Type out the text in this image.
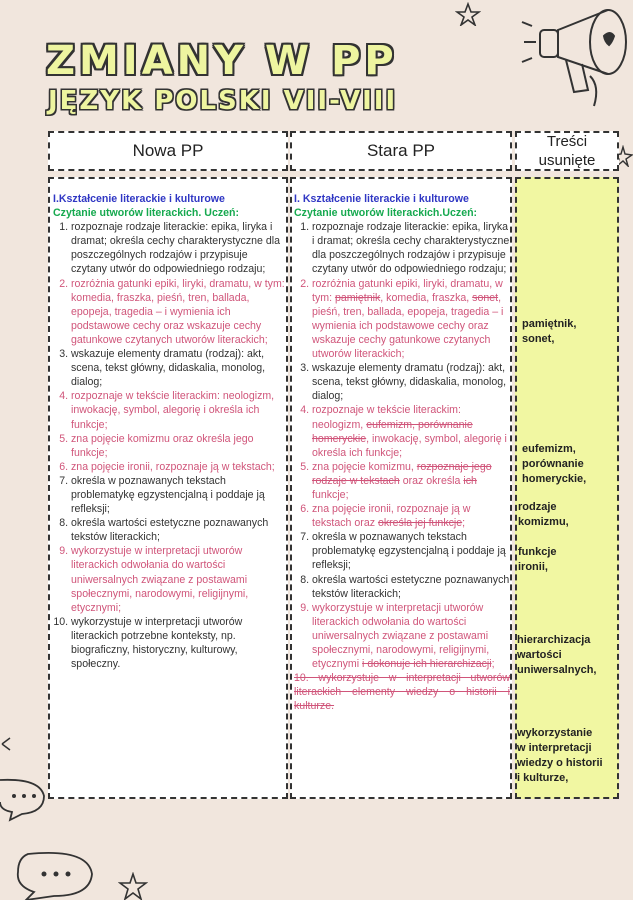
ZMIANY W PP
JĘZYK POLSKI VII-VIII
Nowa PP	Stara PP	Treści
usunięte
I.Kształcenie literackie i kulturowe
Czytanie utworów literackich. Uczeń:
1. rozpoznaje rodzaje literackie: epika, liryka i dramat; określa cechy charakterystyczne dla poszczególnych rodzajów i przypisuje czytany utwór do odpowiedniego rodzaju;
2. rozróżnia gatunki epiki, liryki, dramatu, w tym: komedia, fraszka, pieśń, tren, ballada, epopeja, tragedia – i wymienia ich podstawowe cechy oraz wskazuje cechy gatunkowe czytanych utworów literackich;
3. wskazuje elementy dramatu (rodzaj): akt, scena, tekst główny, didaskalia, monolog, dialog;
4. rozpoznaje w tekście literackim: neologizm, inwokację, symbol, alegorię i określa ich funkcje;
5. zna pojęcie komizmu oraz określa jego funkcje;
6. zna pojęcie ironii, rozpoznaje ją w tekstach;
7. określa w poznawanych tekstach problematykę egzystencjalną i poddaje ją refleksji;
8. określa wartości estetyczne poznawanych tekstów literackich;
9. wykorzystuje w interpretacji utworów literackich odwołania do wartości uniwersalnych związane z postawami społecznymi, narodowymi, religijnymi, etycznymi;
10. wykorzystuje w interpretacji utworów literackich potrzebne konteksty, np. biograficzny, historyczny, kulturowy, społeczny.
I. Kształcenie literackie i kulturowe
Czytanie utworów literackich.Uczeń:
1. rozpoznaje rodzaje literackie: epika, liryka i dramat; określa cechy charakterystyczne dla poszczególnych rodzajów i przypisuje czytany utwór do odpowiedniego rodzaju;
2. rozróżnia gatunki epiki, liryki, dramatu, w tym: pamiętnik, komedia, fraszka, sonet, pieśń, tren, ballada, epopeja, tragedia – i wymienia ich podstawowe cechy oraz wskazuje cechy gatunkowe czytanych utworów literackich;
3. wskazuje elementy dramatu (rodzaj): akt, scena, tekst główny, didaskalia, monolog, dialog;
4. rozpoznaje w tekście literackim: neologizm, eufemizm, porównanie homeryckie, inwokację, symbol, alegorię i określa ich funkcje;
5. zna pojęcie komizmu, rozpoznaje jego rodzaje w tekstach oraz określa ich funkcje;
6. zna pojęcie ironii, rozpoznaje ją w tekstach oraz określa jej funkcje;
7. określa w poznawanych tekstach problematykę egzystencjalną i poddaje ją refleksji;
8. określa wartości estetyczne poznawanych tekstów literackich;
9. wykorzystuje w interpretacji utworów literackich odwołania do wartości uniwersalnych związane z postawami społecznymi, narodowymi, religijnymi, etycznymi i dokonuje ich hierarchizacji;
10. wykorzystuje w interpretacji utworów literackich elementy wiedzy o historii i kulturze.
pamiętnik,
sonet,
eufemizm,
porównanie
homeryckie,
rodzaje
komizmu,
funkcje
ironii,
hierarchizacja
wartości
uniwersalnych,
wykorzystanie
w interpretacji
wiedzy o historii
i kulturze,
